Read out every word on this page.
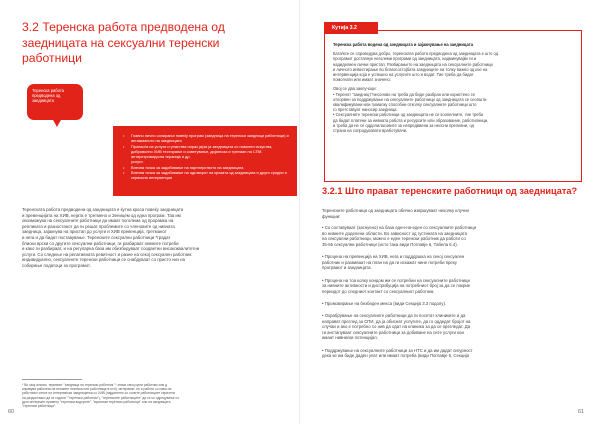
3.2 Теренска работа предводена од заедницата на сексуални теренски работници
Теренска работа предводена од заедницата
• Главно лично сопирање повеќу програм (заедница на теренски заедници работници) и ангажманото на заедницата
• Пронаоѓа на услуги и упатства пораз ја(за ја заедницата со поволни искуства, доброволно ХИВ тестирање и советување, дијагноза и третман на СПИ, антиретровирусна терапија и др.
услуги
• Влезна точка за задобивање на партнерството на заедницата
• Влезна точка за задобивање на одговорот на кризата од заедницата и други сродни и сервисни интервенции
Теренската работа предводена од заедницата е ќутна кроса повеќу заедницата
и превенцијата на ХИВ, нејата е третмено и Зеницем од една програм. Таа им
овозможува на сексуалните работници да имаат поголема од прорамка на
репликата и разностанот да ги решат проблемите со членовите од нивната
заедница, зајакнува на пристап до услуги и ХИВ превенција, третманот
и нега и да бидат поставување. Теренските сексуални работници *градат
блиски врски со другите сексуални работници, ги разбираат нивните потреби
и како ги разбираат, и на регуларна база им обезбедуваат соодветни висококвалитетни
услуги. Со следење на релативната ревитност и разне на секој сексуален работник
индивидуално, сексуалните теренски работници се снабдуваат со присто низ на
собирање податоци за програмот.
* Во овој алатки, терминот "заедница на теренски работник" * значи секој цени работник или д
справува работата на ектакнет неинска или работниците итн), интеракии, не и работи со ниво на
работниот сенсе на интернински заедниценка со ХИВ (најдатлено со оолите работниците сериотни
на раздоставко да се години ""теренски работник"), "теренските работниците" да се ко одрецување со
дрго интернати примету "теренски водорите", "врсниски теренски работници" или на заедницата
"теренски работници".
Кутија 3.2
Теренска работа водена од заедницата и зајакнување на заедницата
Ката/ксе се спроведува добро, теренската работа предводена од заедницата е што од
програмот достапнук неголеми програми од заедницата, надминувајќи ги и
надиделиен лични пристап. Разбирањето на заедницата на сексуалните работници
и личното инвестирање во благосостојбата заедниците на толку важно од кое на
интервенција која е успешно на услугите што и водат. Тие треба да бидат
помогнати или имаат значено.
Овој се два заклучоци:
• Теренот "заедницт"несоново на треба да биде разбран или користено се
отпорвен за поддржување на сексуалните работници од заедницата се сеопшти
квалификувани или помалку способни отколку сексуалните работници што
го претставуат наносир заедница.
• Сексуалните теренски работници од заедницата не се коопелните, тие треба
да бидат платени за нивната работа и ресурсите или образование, работилници,
и треба да не се одделиласовите за непредвиени за нелсни прелевни, од
страна на сопродуковати вработувачи.
3.2.1 Што прават теренските работници од заедницата?

Теренските работници од заедницата обично извршуваат неколку клучни
функции:

• Со составуваат (заснуено) на база еден-на-еден со сексуалните работници
во нивните доделени области. Во зависност од густината на заедницата
на сексуални работници, можно е еден теренски работник да работи со
35-65 сексуални работници (исто така види Поглавје 6, Табела 6.4).

• Процена на превенција на ХИВ, нега и подддршка на секој сексуален
работник и развиваат на план на да ги искажат нине потреби преку
програмот и заедницата.

• Процена на тоа колку кондом им се потребни на сексуалните работници
за нивните активности и дистрибуција на потребниот број за да се покрие
периодот до следниот контакт со сексуалниот работник.

• Промовирање на безбеден мекса (види Секција 3.3 подолу).

• Охрабрување на сексуалните работници да ги посетат клиниките и да
направат преглед за СПИ, да ја обиснат услугите, да го оддедат бројот на
случаи и ако е потребно со нив да одат на клиника за да се прегледат. Да
ги анстапуваат сексуалните работници за добиване на сите услуги кои
имаат нивниски потенцијал.

• Поддржување на сексуалните работници за НТС и да им дадат сигурност
дека ке им биде даден упат или имаат потреба (види Поглавје 5, Секција

60	61
